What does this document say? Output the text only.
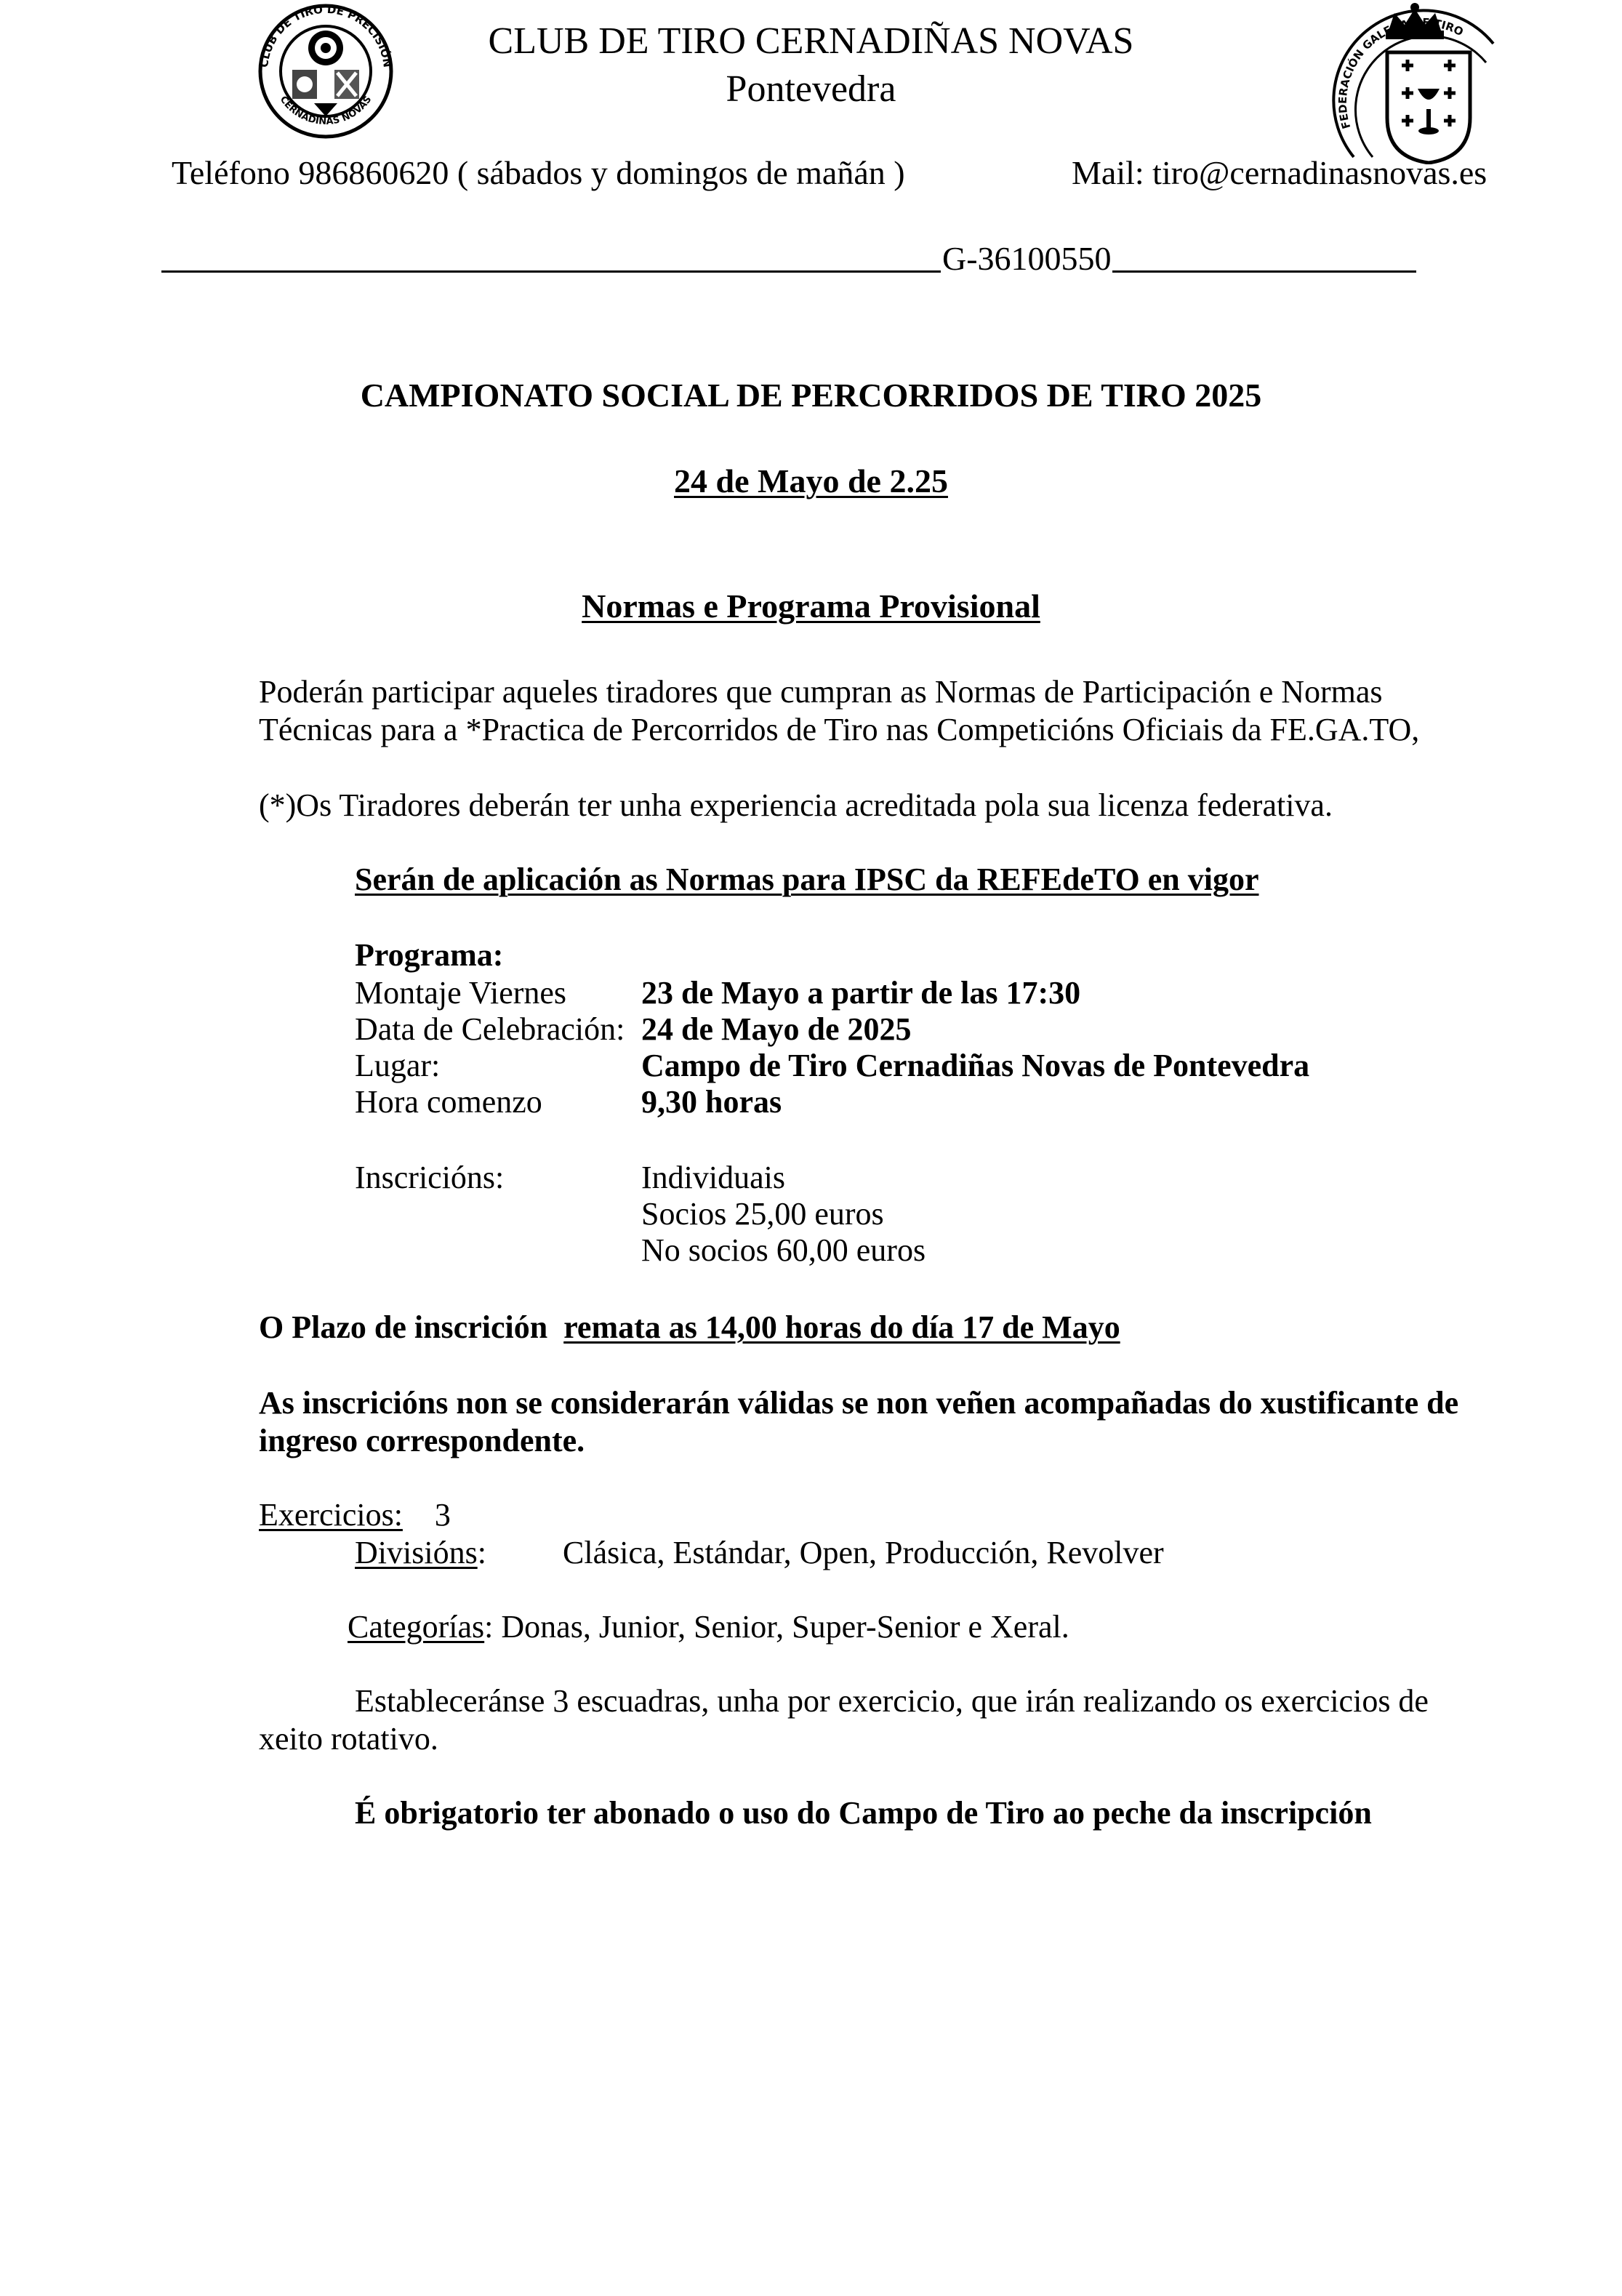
CLUB DE TIRO DE PRECISIÓN
CERNADIÑAS NOVAS
FEDERACIÓN GALEGA DE TIRO
CLUB DE TIRO CERNADIÑAS NOVAS
Pontevedra
Teléfono 986860620 ( sábados y domingos de mañán )	Mail: tiro@cernadinasnovas.es
G-36100550
CAMPIONATO SOCIAL DE PERCORRIDOS DE TIRO 2025
24 de Mayo de 2.25
Normas e Programa Provisional
Poderán participar aqueles tiradores que cumpran as Normas de Participación e Normas
Técnicas para a *Practica de Percorridos de Tiro nas Competicións Oficiais da FE.GA.TO,
(*)Os Tiradores deberán ter unha experiencia acreditada pola sua licenza federativa.
Serán de aplicación as Normas para IPSC da REFEdeTO en vigor
Programa:
Montaje Viernes 23 de Mayo a partir de las 17:30
Data de Celebración: 24 de Mayo de 2025
Lugar:	Campo de Tiro Cernadiñas Novas de Pontevedra
Hora comenzo	9,30 horas
Inscricións:	Individuais
Socios 25,00 euros
No socios 60,00 euros
O Plazo de inscrición remata as 14,00 horas do día 17 de Mayo
As inscricións non se considerarán válidas se non veñen acompañadas do xustificante de
ingreso correspondente.
Exercicios: 3
Divisións: Clásica, Estándar, Open, Producción, Revolver
Categorías: Donas, Junior, Senior, Super-Senior e Xeral.
Estableceránse 3 escuadras, unha por exercicio, que irán realizando os exercicios de
xeito rotativo.
É obrigatorio ter abonado o uso do Campo de Tiro ao peche da inscripción
